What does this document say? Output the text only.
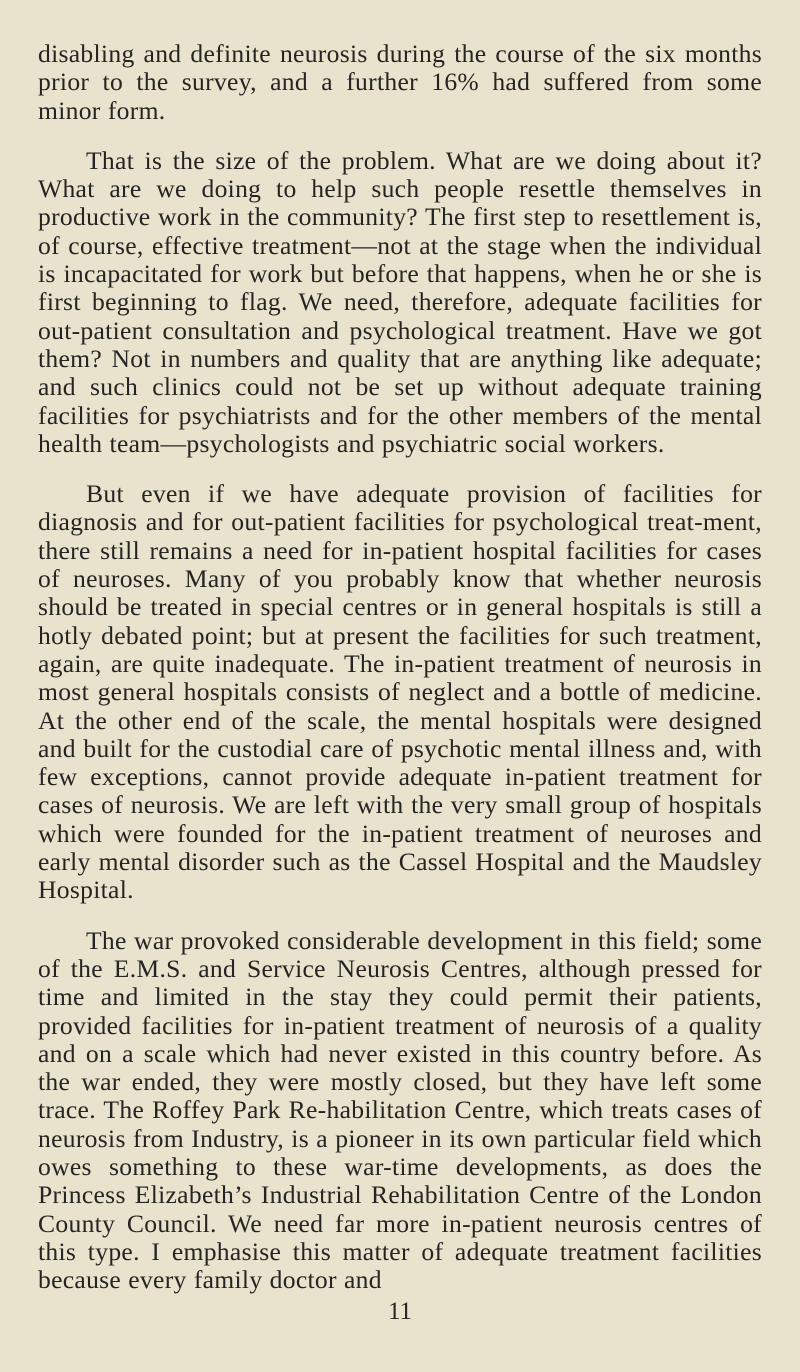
disabling and definite neurosis during the course of the six months prior to the survey, and a further 16% had suffered from some minor form.

That is the size of the problem. What are we doing about it? What are we doing to help such people resettle themselves in productive work in the community? The first step to resettlement is, of course, effective treatment—not at the stage when the individual is incapacitated for work but before that happens, when he or she is first beginning to flag. We need, therefore, adequate facilities for out-patient consultation and psychological treatment. Have we got them? Not in numbers and quality that are anything like adequate; and such clinics could not be set up without adequate training facilities for psychiatrists and for the other members of the mental health team—psychologists and psychiatric social workers.

But even if we have adequate provision of facilities for diagnosis and for out-patient facilities for psychological treat-ment, there still remains a need for in-patient hospital facilities for cases of neuroses. Many of you probably know that whether neurosis should be treated in special centres or in general hospitals is still a hotly debated point; but at present the facilities for such treatment, again, are quite inadequate. The in-patient treatment of neurosis in most general hospitals consists of neglect and a bottle of medicine. At the other end of the scale, the mental hospitals were designed and built for the custodial care of psychotic mental illness and, with few exceptions, cannot provide adequate in-patient treatment for cases of neurosis. We are left with the very small group of hospitals which were founded for the in-patient treatment of neuroses and early mental disorder such as the Cassel Hospital and the Maudsley Hospital.

The war provoked considerable development in this field; some of the E.M.S. and Service Neurosis Centres, although pressed for time and limited in the stay they could permit their patients, provided facilities for in-patient treatment of neurosis of a quality and on a scale which had never existed in this country before. As the war ended, they were mostly closed, but they have left some trace. The Roffey Park Re-habilitation Centre, which treats cases of neurosis from Industry, is a pioneer in its own particular field which owes something to these war-time developments, as does the Princess Elizabeth’s Industrial Rehabilitation Centre of the London County Council. We need far more in-patient neurosis centres of this type. I emphasise this matter of adequate treatment facilities because every family doctor and

11
